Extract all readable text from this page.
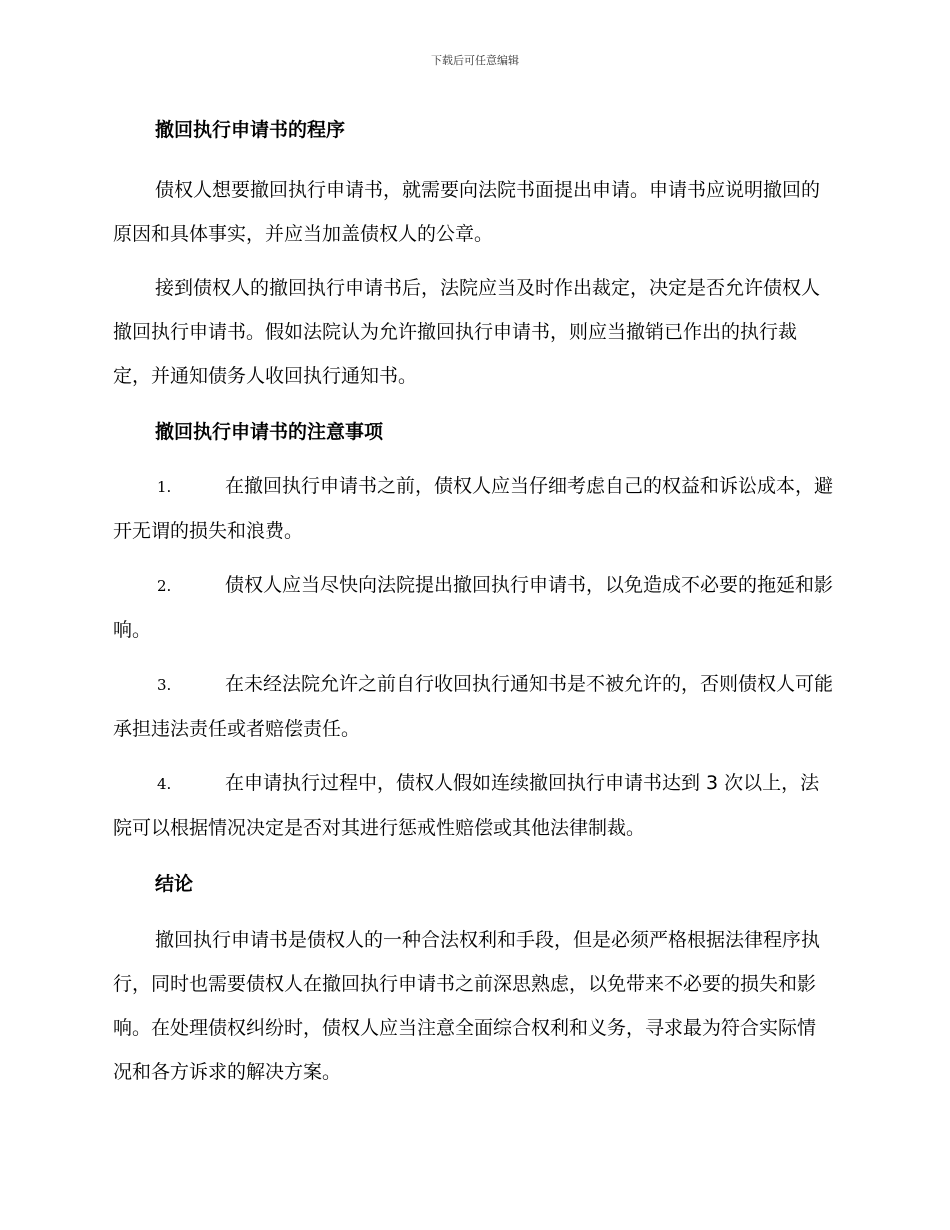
下载后可任意编辑
撤回执行申请书的程序

债权人想要撤回执行申请书，就需要向法院书面提出申请。申请书应说明撤回的原因和具体事实，并应当加盖债权人的公章。

接到债权人的撤回执行申请书后，法院应当及时作出裁定，决定是否允许债权人撤回执行申请书。假如法院认为允许撤回执行申请书，则应当撤销已作出的执行裁定，并通知债务人收回执行通知书。

撤回执行申请书的注意事项
1.	在撤回执行申请书之前，债权人应当仔细考虑自己的权益和诉讼成本，避开无谓的损失和浪费。
2.	债权人应当尽快向法院提出撤回执行申请书，以免造成不必要的拖延和影响。
3.	在未经法院允许之前自行收回执行通知书是不被允许的，否则债权人可能承担违法责任或者赔偿责任。
4.	在申请执行过程中，债权人假如连续撤回执行申请书达到 3 次以上，法院可以根据情况决定是否对其进行惩戒性赔偿或其他法律制裁。
结论

撤回执行申请书是债权人的一种合法权利和手段，但是必须严格根据法律程序执行，同时也需要债权人在撤回执行申请书之前深思熟虑，以免带来不必要的损失和影响。在处理债权纠纷时，债权人应当注意全面综合权利和义务，寻求最为符合实际情况和各方诉求的解决方案。
